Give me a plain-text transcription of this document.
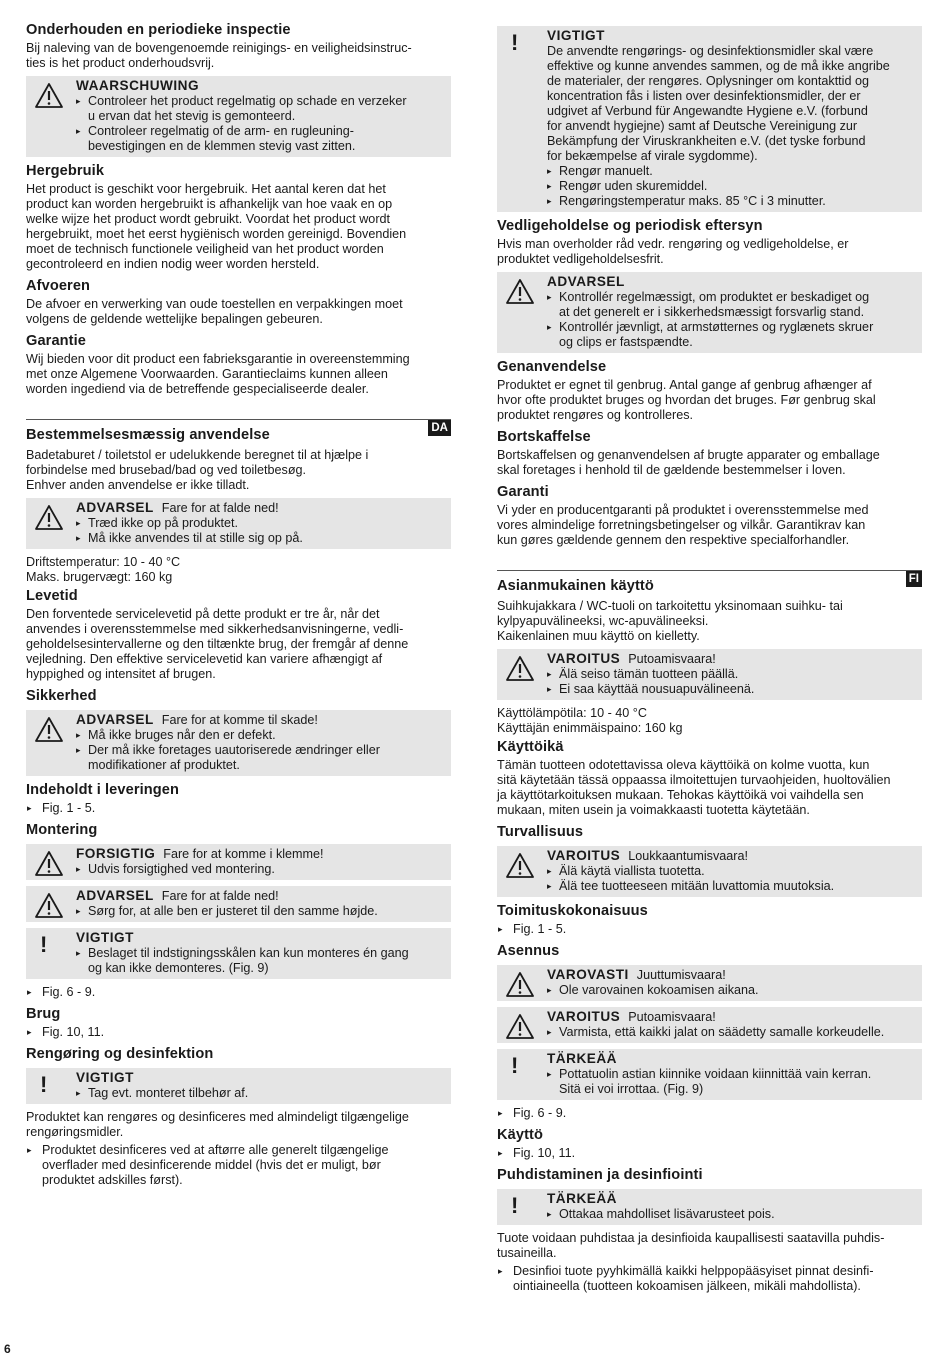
Onderhouden en periodieke inspectie

Bij naleving van de bovengenoemde reinigings- en veiligheidsinstruc-
ties is het product onderhoudsvrij.

WAARSCHUWING
▸ Controleer het product regelmatig op schade en verzeker
u ervan dat het stevig is gemonteerd.
▸ Controleer regelmatig of de arm- en rugleuning-
bevestigingen en de klemmen stevig vast zitten.
Hergebruik

Het product is geschikt voor hergebruik. Het aantal keren dat het
product kan worden hergebruikt is afhankelijk van hoe vaak en op
welke wijze het product wordt gebruikt. Voordat het product wordt
hergebruikt, moet het eerst hygiënisch worden gereinigd. Bovendien
moet de technisch functionele veiligheid van het product worden
gecontroleerd en indien nodig weer worden hersteld.

Afvoeren

De afvoer en verwerking van oude toestellen en verpakkingen moet
volgens de geldende wettelijke bepalingen gebeuren.

Garantie

Wij bieden voor dit product een fabrieksgarantie in overeenstemming
met onze Algemene Voorwaarden. Garantieclaims kunnen alleen
worden ingediend via de betreffende gespecialiseerde dealer.

DA
Bestemmelsesmæssig anvendelse

Badetaburet / toiletstol er udelukkende beregnet til at hjælpe i
forbindelse med brusebad/bad og ved toiletbesøg.
Enhver anden anvendelse er ikke tilladt.

ADVARSEL Fare for at falde ned!
▸ Træd ikke op på produktet.
▸ Må ikke anvendes til at stille sig op på.

Driftstemperatur: 10 - 40 °C
Maks. brugervægt: 160 kg

Levetid

Den forventede servicelevetid på dette produkt er tre år, når det
anvendes i overensstemmelse med sikkerhedsanvisningerne, vedli-
geholdelsesintervallerne og den tiltænkte brug, der fremgår af denne
vejledning. Den effektive servicelevetid kan variere afhængigt af
hyppighed og intensitet af brugen.

Sikkerhed
ADVARSEL Fare for at komme til skade!
▸ Må ikke bruges når den er defekt.
▸ Der må ikke foretages uautoriserede ændringer eller
modifikationer af produktet.
Indeholdt i leveringen
▸ Fig. 1 - 5.
Montering
FORSIGTIG Fare for at komme i klemme!
▸ Udvis forsigtighed ved montering.
ADVARSEL Fare for at falde ned!
▸ Sørg for, at alle ben er justeret til den samme højde.
! VIGTIGT
▸ Beslaget til indstigningsskålen kan kun monteres én gang
og kan ikke demonteres. (Fig. 9)
▸ Fig. 6 - 9.
Brug
▸ Fig. 10, 11.
Rengøring og desinfektion
! VIGTIGT
▸ Tag evt. monteret tilbehør af.

Produktet kan rengøres og desinficeres med almindeligt tilgængelige
rengøringsmidler.

▸ Produktet desinficeres ved at aftørre alle generelt tilgængelige
overflader med desinficerende middel (hvis det er muligt, bør
produktet adskilles først).
! VIGTIGT

De anvendte rengørings- og desinfektionsmidler skal være
effektive og kunne anvendes sammen, og de må ikke angribe
de materialer, der rengøres. Oplysninger om kontakttid og
koncentration fås i listen over desinfektionsmidler, der er
udgivet af Verbund für Angewandte Hygiene e.V. (forbund
for anvendt hygiejne) samt af Deutsche Vereinigung zur
Bekämpfung der Viruskrankheiten e.V. (det tyske forbund
for bekæmpelse af virale sygdomme).

▸ Rengør manuelt.
▸ Rengør uden skuremiddel.
▸ Rengøringstemperatur maks. 85 °C i 3 minutter.
Vedligeholdelse og periodisk eftersyn

Hvis man overholder råd vedr. rengøring og vedligeholdelse, er
produktet vedligeholdelsesfrit.

ADVARSEL
▸ Kontrollér regelmæssigt, om produktet er beskadiget og
at det generelt er i sikkerhedsmæssigt forsvarlig stand.
▸ Kontrollér jævnligt, at armstøtternes og ryglænets skruer
og clips er fastspændte.
Genanvendelse

Produktet er egnet til genbrug. Antal gange af genbrug afhænger af
hvor ofte produktet bruges og hvordan det bruges. Før genbrug skal
produktet rengøres og kontrolleres.

Bortskaffelse

Bortskaffelsen og genanvendelsen af brugte apparater og emballage
skal foretages i henhold til de gældende bestemmelser i loven.

Garanti

Vi yder en producentgaranti på produktet i overensstemmelse med
vores almindelige forretningsbetingelser og vilkår. Garantikrav kan
kun gøres gældende gennem den respektive specialforhandler.

FI
Asianmukainen käyttö

Suihkujakkara / WC-tuoli on tarkoitettu yksinomaan suihku- tai
kylpyapuvälineeksi, wc-apuvälineeksi.
Kaikenlainen muu käyttö on kielletty.

VAROITUS Putoamisvaara!
▸ Älä seiso tämän tuotteen päällä.
▸ Ei saa käyttää nousuapuvälineenä.

Käyttölämpötila: 10 - 40 °C
Käyttäjän enimmäispaino: 160 kg

Käyttöikä

Tämän tuotteen odotettavissa oleva käyttöikä on kolme vuotta, kun
sitä käytetään tässä oppaassa ilmoitettujen turvaohjeiden, huoltovälien
ja käyttötarkoituksen mukaan. Tehokas käyttöikä voi vaihdella sen
mukaan, miten usein ja voimakkaasti tuotetta käytetään.

Turvallisuus
VAROITUS Loukkaantumisvaara!
▸ Älä käytä viallista tuotetta.
▸ Älä tee tuotteeseen mitään luvattomia muutoksia.
Toimituskokonaisuus
▸ Fig. 1 - 5.
Asennus
VAROVASTI Juuttumisvaara!
▸ Ole varovainen kokoamisen aikana.
VAROITUS Putoamisvaara!
▸ Varmista, että kaikki jalat on säädetty samalle korkeudelle.
! TÄRKEÄÄ
▸ Pottatuolin astian kiinnike voidaan kiinnittää vain kerran.
Sitä ei voi irrottaa. (Fig. 9)
▸ Fig. 6 - 9.
Käyttö
▸ Fig. 10, 11.
Puhdistaminen ja desinfiointi
! TÄRKEÄÄ
▸ Ottakaa mahdolliset lisävarusteet pois.

Tuote voidaan puhdistaa ja desinfioida kaupallisesti saatavilla puhdis-
tusaineilla.

▸ Desinfioi tuote pyyhkimällä kaikki helppopääsyiset pinnat desinfi-
ointiaineella (tuotteen kokoamisen jälkeen, mikäli mahdollista).
6
